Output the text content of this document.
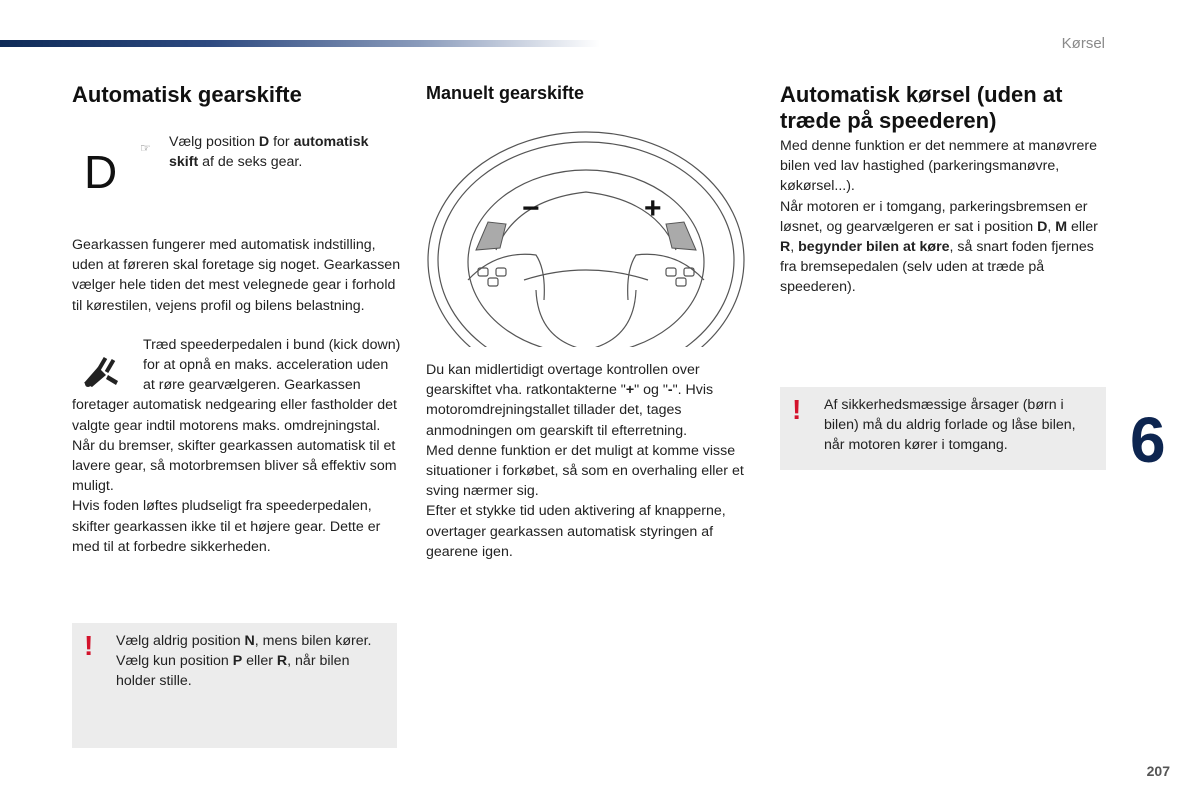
Kørsel
6
207
Automatisk gearskifte
D ☞ Vælg position D for automatisk skift af de seks gear.

Gearkassen fungerer med automatisk indstilling, uden at føreren skal foretage sig noget. Gearkassen vælger hele tiden det mest velegnede gear i forhold til kørestilen, vejens profil og bilens belastning.

Træd speederpedalen i bund (kick down) for at opnå en maks. acceleration uden at røre gearvælgeren. Gearkassen

foretager automatisk nedgearing eller fastholder det valgte gear indtil motorens maks. omdrejningstal.

Når du bremser, skifter gearkassen automatisk til et lavere gear, så motorbremsen bliver så effektiv som muligt.

Hvis foden løftes pludseligt fra speederpedalen, skifter gearkassen ikke til et højere gear. Dette er med til at forbedre sikkerheden.

! Vælg aldrig position N, mens bilen kører.

Vælg kun position P eller R, når bilen holder stille.

Manuelt gearskifte

Du kan midlertidigt overtage kontrollen over gearskiftet vha. ratkontakterne "+" og "-". Hvis motoromdrejningstallet tillader det, tages anmodningen om gearskift til efterretning.

Med denne funktion er det muligt at komme visse situationer i forkøbet, så som en overhaling eller et sving nærmer sig.

Efter et stykke tid uden aktivering af knapperne, overtager gearkassen automatisk styringen af gearene igen.

−	+
Automatisk kørsel (uden at træde på speederen)

Med denne funktion er det nemmere at manøvrere bilen ved lav hastighed (parkeringsmanøvre, køkørsel...).

Når motoren er i tomgang, parkeringsbremsen er løsnet, og gearvælgeren er sat i position D, M eller R, begynder bilen at køre, så snart foden fjernes fra bremsepedalen (selv uden at træde på speederen).

! Af sikkerhedsmæssige årsager (børn i bilen) må du aldrig forlade og låse bilen, når motoren kører i tomgang.
